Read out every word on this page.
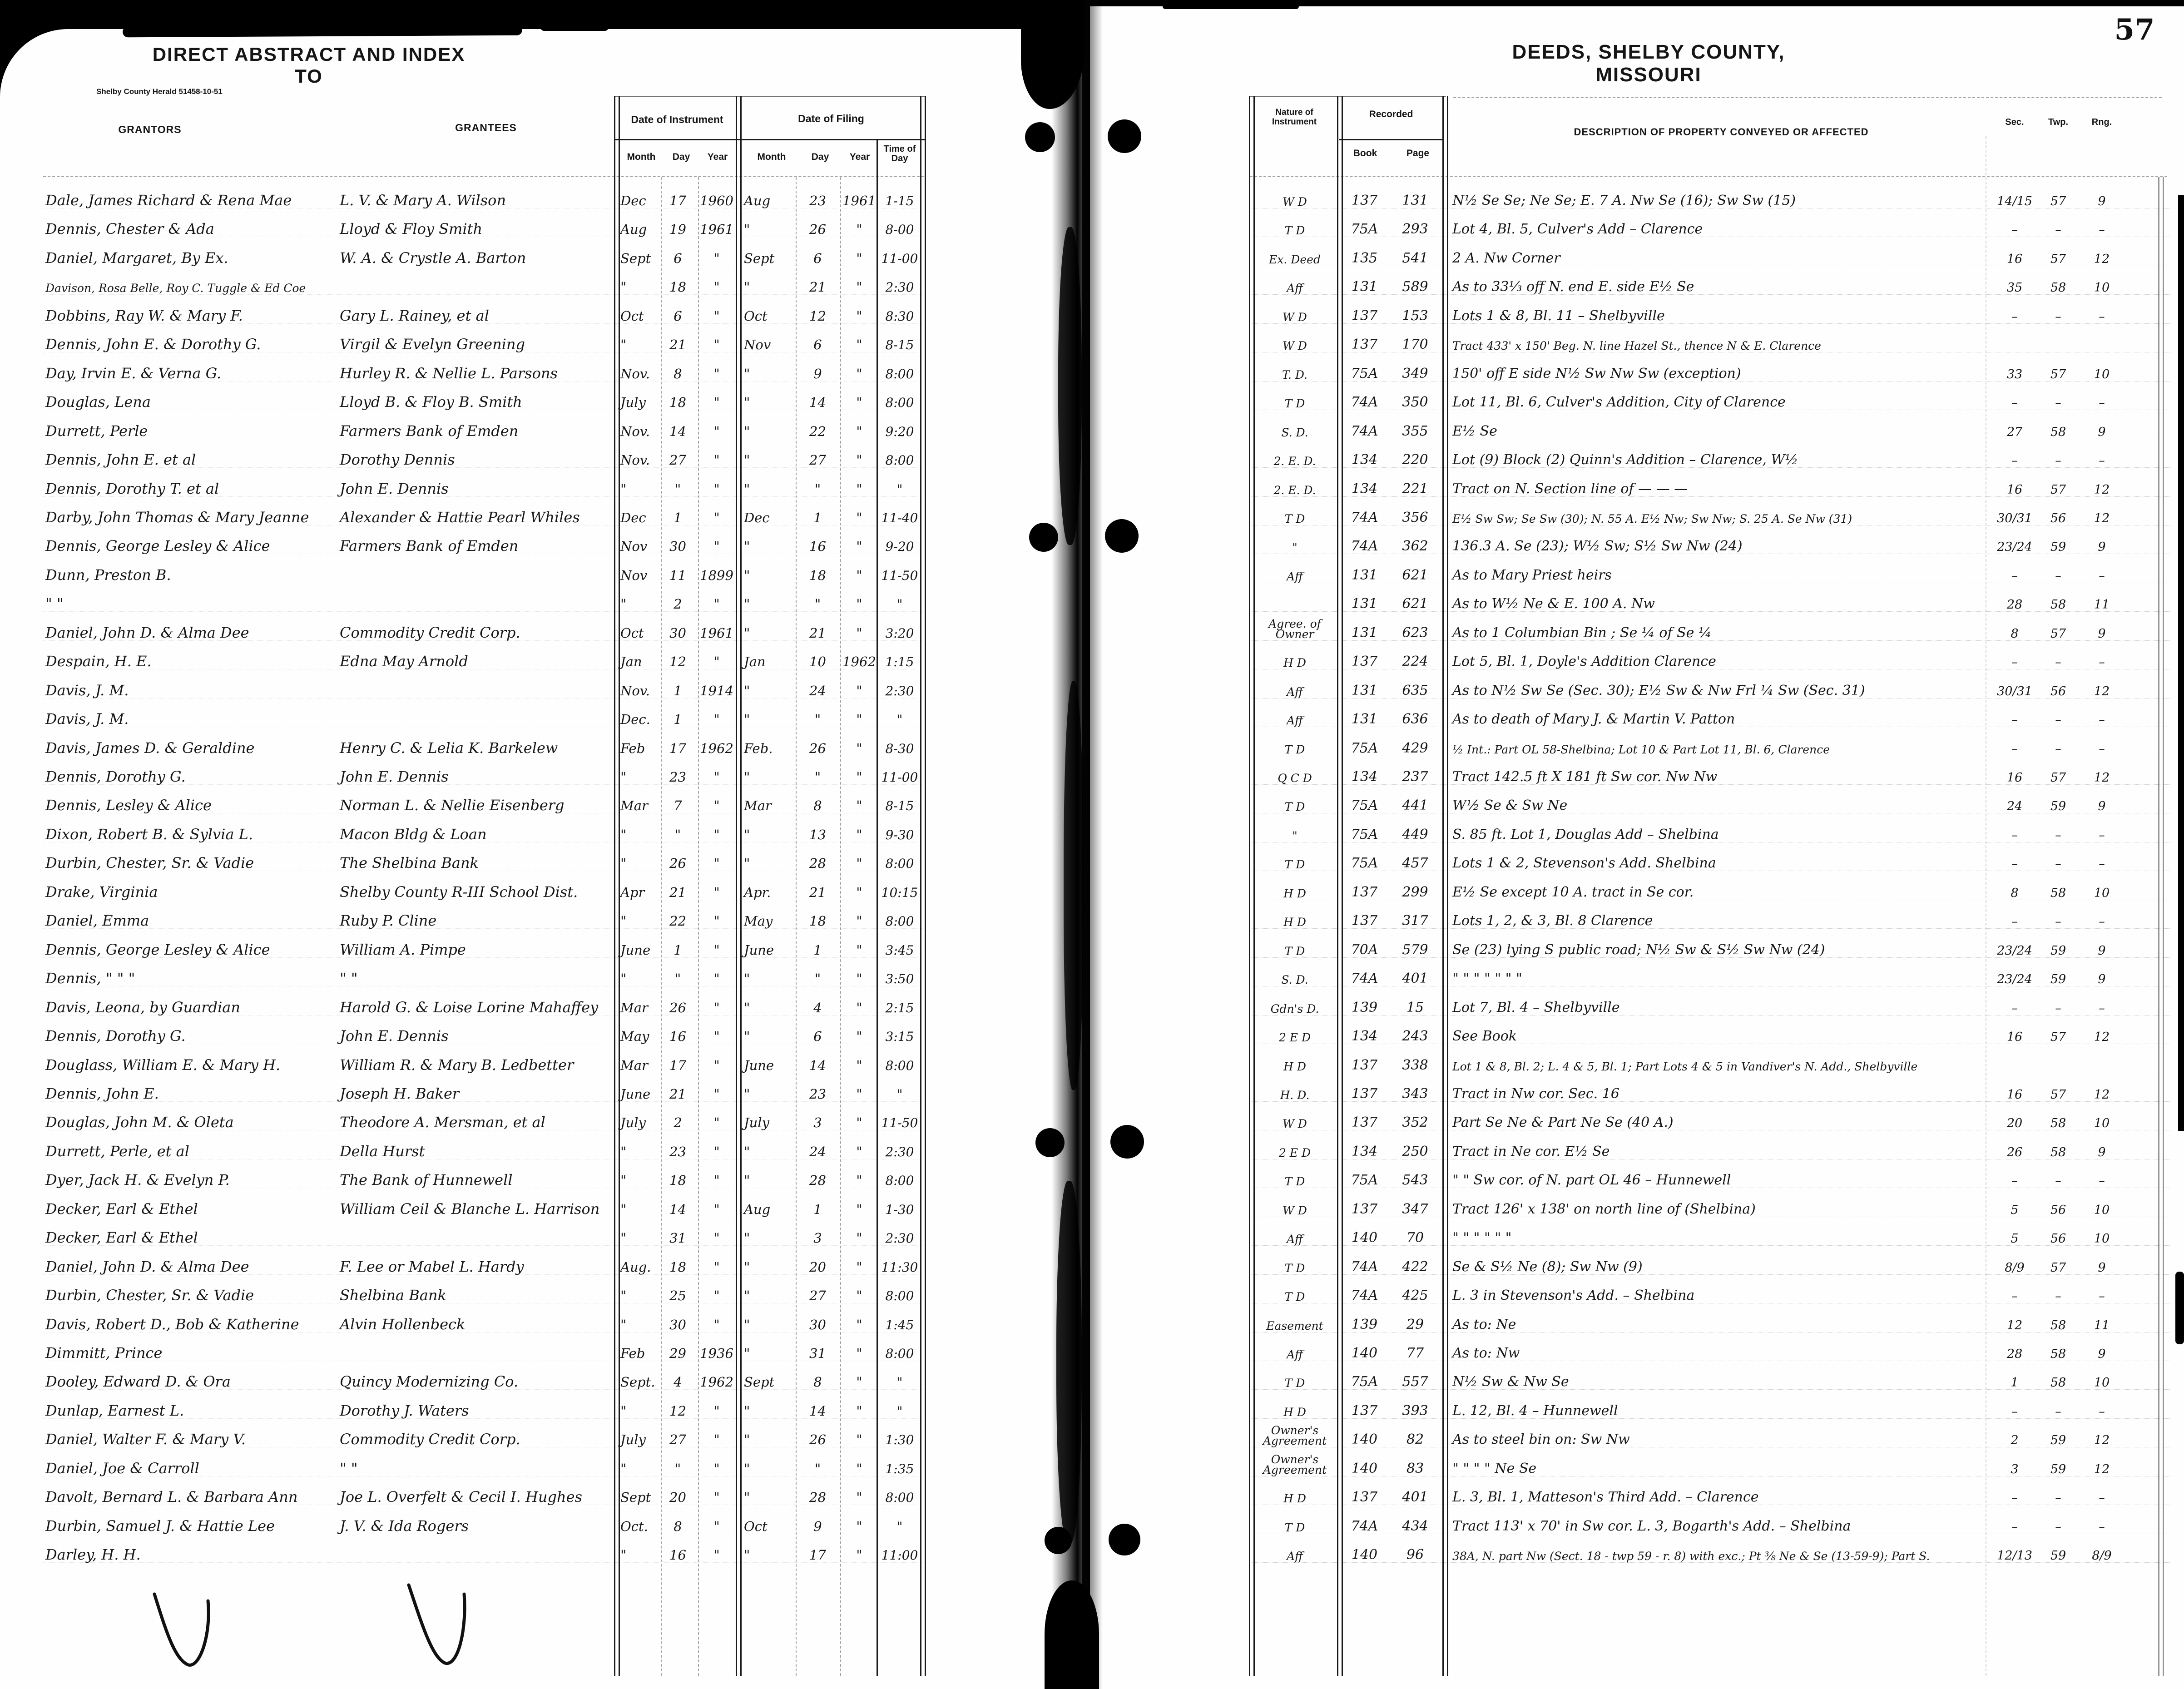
DIRECT ABSTRACT AND INDEX TO
DEEDS, SHELBY COUNTY, MISSOURI
57
Shelby County Herald 51458-10-51
GRANTORS	GRANTEES
Date of Instrument	Date of Filing
Month	Day	Year	Month	Day	Year
Time of Day
Nature of Instrument
Recorded
Book	Page
DESCRIPTION OF PROPERTY CONVEYED OR AFFECTED
Sec.	Twp.	Rng.
Dale, James Richard & Rena Mae	L. V. & Mary A. Wilson	Dec	17	1960 Aug	23	1961 1-15	W D	137	131	N½ Se Se; Ne Se; E. 7 A. Nw Se (16); Sw Sw (15)	14/15	57	9
Dennis, Chester & Ada	Lloyd & Floy Smith	Aug	19	1961 "	26	"	8-00	T D	75A	293	Lot 4, Bl. 5, Culver's Add – Clarence	–	–	–
Daniel, Margaret, By Ex.	W. A. & Crystle A. Barton	Sept	6	"	Sept	6	"	11-00	Ex. Deed	135	541	2 A. Nw Corner	16	57	12
Davison, Rosa Belle, Roy C. Tuggle & Ed Coe	"	18	"	"	21	"	2:30	Aff	131	589	As to 33⅓ off N. end E. side E½ Se	35	58	10
Dobbins, Ray W. & Mary F.	Gary L. Rainey, et al	Oct	6	"	Oct	12	"	8:30	W D	137	153	Lots 1 & 8, Bl. 11 – Shelbyville	–	–	–
Dennis, John E. & Dorothy G.	Virgil & Evelyn Greening	"	21	"	Nov	6	"	8-15	W D	137	170	Tract 433' x 150' Beg. N. line Hazel St., thence N & E. Clarence
Day, Irvin E. & Verna G.	Hurley R. & Nellie L. Parsons	Nov.	8	"	"	9	"	8:00	T. D.	75A	349	150' off E side N½ Sw Nw Sw (exception)	33	57	10
Douglas, Lena	Lloyd B. & Floy B. Smith	July	18	"	"	14	"	8:00	T D	74A	350	Lot 11, Bl. 6, Culver's Addition, City of Clarence	–	–	–
Durrett, Perle	Farmers Bank of Emden	Nov.	14	"	"	22	"	9:20	S. D.	74A	355	E½ Se	27	58	9
Dennis, John E. et al	Dorothy Dennis	Nov.	27	"	"	27	"	8:00	2. E. D.	134	220	Lot (9) Block (2) Quinn's Addition – Clarence, W½	–	–	–
Dennis, Dorothy T. et al	John E. Dennis	"	"	"	"	"	"	"	2. E. D.	134	221	Tract on N. Section line of — — —	16	57	12
Darby, John Thomas & Mary Jeanne	Alexander & Hattie Pearl Whiles	Dec	1	"	Dec	1	"	11-40	T D	74A	356	E½ Sw Sw; Se Sw (30); N. 55 A. E½ Nw; Sw Nw; S. 25 A. Se Nw (31)	30/31	56	12
Dennis, George Lesley & Alice	Farmers Bank of Emden	Nov	30	"	"	16	"	9-20	"	74A	362	136.3 A. Se (23); W½ Sw; S½ Sw Nw (24)	23/24	59	9
Dunn, Preston B.	Nov	11	1899 "	18	"	11-50	Aff	131	621	As to Mary Priest heirs	–	–	–
" "	"	2	"	"	"	"	"	131	621	As to W½ Ne & E. 100 A. Nw	28	58	11
Daniel, John D. & Alma Dee	Commodity Credit Corp.	Oct	30	1961 "	21	"	3:20
Agree. of Owner	131	623	As to 1 Columbian Bin ; Se ¼ of Se ¼	8	57	9
Despain, H. E.	Edna May Arnold	Jan	12	"	Jan	10	1962 1:15	H D	137	224	Lot 5, Bl. 1, Doyle's Addition Clarence	–	–	–
Davis, J. M.	Nov.	1	1914 "	24	"	2:30	Aff	131	635	As to N½ Sw Se (Sec. 30); E½ Sw & Nw Frl ¼ Sw (Sec. 31)	30/31	56	12
Davis, J. M.	Dec.	1	"	"	"	"	"	Aff	131	636	As to death of Mary J. & Martin V. Patton	–	–	–
Davis, James D. & Geraldine	Henry C. & Lelia K. Barkelew	Feb	17	1962 Feb.	26	"	8-30	T D	75A	429	½ Int.: Part OL 58-Shelbina; Lot 10 & Part Lot 11, Bl. 6, Clarence	–	–	–
Dennis, Dorothy G.	John E. Dennis	"	23	"	"	"	"	11-00	Q C D	134	237	Tract 142.5 ft X 181 ft Sw cor. Nw Nw	16	57	12
Dennis, Lesley & Alice	Norman L. & Nellie Eisenberg	Mar	7	"	Mar	8	"	8-15	T D	75A	441	W½ Se & Sw Ne	24	59	9
Dixon, Robert B. & Sylvia L.	Macon Bldg & Loan	"	"	"	"	13	"	9-30	"	75A	449	S. 85 ft. Lot 1, Douglas Add – Shelbina	–	–	–
Durbin, Chester, Sr. & Vadie	The Shelbina Bank	"	26	"	"	28	"	8:00	T D	75A	457	Lots 1 & 2, Stevenson's Add. Shelbina	–	–	–
Drake, Virginia	Shelby County R-III School Dist.	Apr	21	"	Apr.	21	"	10:15	H D	137	299	E½ Se except 10 A. tract in Se cor.	8	58	10
Daniel, Emma	Ruby P. Cline	"	22	"	May	18	"	8:00	H D	137	317	Lots 1, 2, & 3, Bl. 8 Clarence	–	–	–
Dennis, George Lesley & Alice	William A. Pimpe	June	1	"	June	1	"	3:45	T D	70A	579	Se (23) lying S public road; N½ Sw & S½ Sw Nw (24)	23/24	59	9
Dennis, " " "	" "	"	"	"	"	"	"	3:50	S. D.	74A	401	" " " " " " "	23/24	59	9
Davis, Leona, by Guardian	Harold G. & Loise Lorine Mahaffey	Mar	26	"	"	4	"	2:15	Gdn's D.	139	15	Lot 7, Bl. 4 – Shelbyville	–	–	–
Dennis, Dorothy G.	John E. Dennis	May	16	"	"	6	"	3:15	2 E D	134	243	See Book	16	57	12
Douglass, William E. & Mary H.	William R. & Mary B. Ledbetter	Mar	17	"	June	14	"	8:00	H D	137	338	Lot 1 & 8, Bl. 2; L. 4 & 5, Bl. 1; Part Lots 4 & 5 in Vandiver's N. Add., Shelbyville
Dennis, John E.	Joseph H. Baker	June	21	"	"	23	"	"	H. D.	137	343	Tract in Nw cor. Sec. 16	16	57	12
Douglas, John M. & Oleta	Theodore A. Mersman, et al	July	2	"	July	3	"	11-50	W D	137	352	Part Se Ne & Part Ne Se (40 A.)	20	58	10
Durrett, Perle, et al	Della Hurst	"	23	"	"	24	"	2:30	2 E D	134	250	Tract in Ne cor. E½ Se	26	58	9
Dyer, Jack H. & Evelyn P.	The Bank of Hunnewell	"	18	"	"	28	"	8:00	T D	75A	543	" " Sw cor. of N. part OL 46 – Hunnewell	–	–	–
Decker, Earl & Ethel	William Ceil & Blanche L. Harrison	"	14	"	Aug	1	"	1-30	W D	137	347	Tract 126' x 138' on north line of (Shelbina)	5	56	10
Decker, Earl & Ethel	"	31	"	"	3	"	2:30	Aff	140	70	" " " " " "	5	56	10
Daniel, John D. & Alma Dee	F. Lee or Mabel L. Hardy	Aug.	18	"	"	20	"	11:30	T D	74A	422	Se & S½ Ne (8); Sw Nw (9)	8/9	57	9
Durbin, Chester, Sr. & Vadie	Shelbina Bank	"	25	"	"	27	"	8:00	T D	74A	425	L. 3 in Stevenson's Add. – Shelbina	–	–	–
Davis, Robert D., Bob & Katherine	Alvin Hollenbeck	"	30	"	"	30	"	1:45	Easement	139	29	As to: Ne	12	58	11
Dimmitt, Prince	Feb	29	1936 "	31	"	8:00	Aff	140	77	As to: Nw	28	58	9
Dooley, Edward D. & Ora	Quincy Modernizing Co.	Sept.	4	1962 Sept	8	"	"	T D	75A	557	N½ Sw & Nw Se	1	58	10
Dunlap, Earnest L.	Dorothy J. Waters	"	12	"	"	14	"	"	H D	137	393	L. 12, Bl. 4 – Hunnewell	–	–	–
Daniel, Walter F. & Mary V.	Commodity Credit Corp.	July	27	"	"	26	"	1:30
Owner's Agreement	140	82	As to steel bin on: Sw Nw	2	59	12
Daniel, Joe & Carroll	" "	"	"	"	"	"	"	1:35
Owner's Agreement	140	83	" " " " Ne Se	3	59	12
Davolt, Bernard L. & Barbara Ann	Joe L. Overfelt & Cecil I. Hughes	Sept	20	"	"	28	"	8:00	H D	137	401	L. 3, Bl. 1, Matteson's Third Add. – Clarence	–	–	–
Durbin, Samuel J. & Hattie Lee	J. V. & Ida Rogers	Oct.	8	"	Oct	9	"	"	T D	74A	434	Tract 113' x 70' in Sw cor. L. 3, Bogarth's Add. – Shelbina	–	–	–
Darley, H. H.	"	16	"	"	17	"	11:00	Aff	140	96	38A, N. part Nw (Sect. 18 - twp 59 - r. 8) with exc.; Pt ⅜ Ne & Se (13-59-9); Part S.	12/13	59	8/9
